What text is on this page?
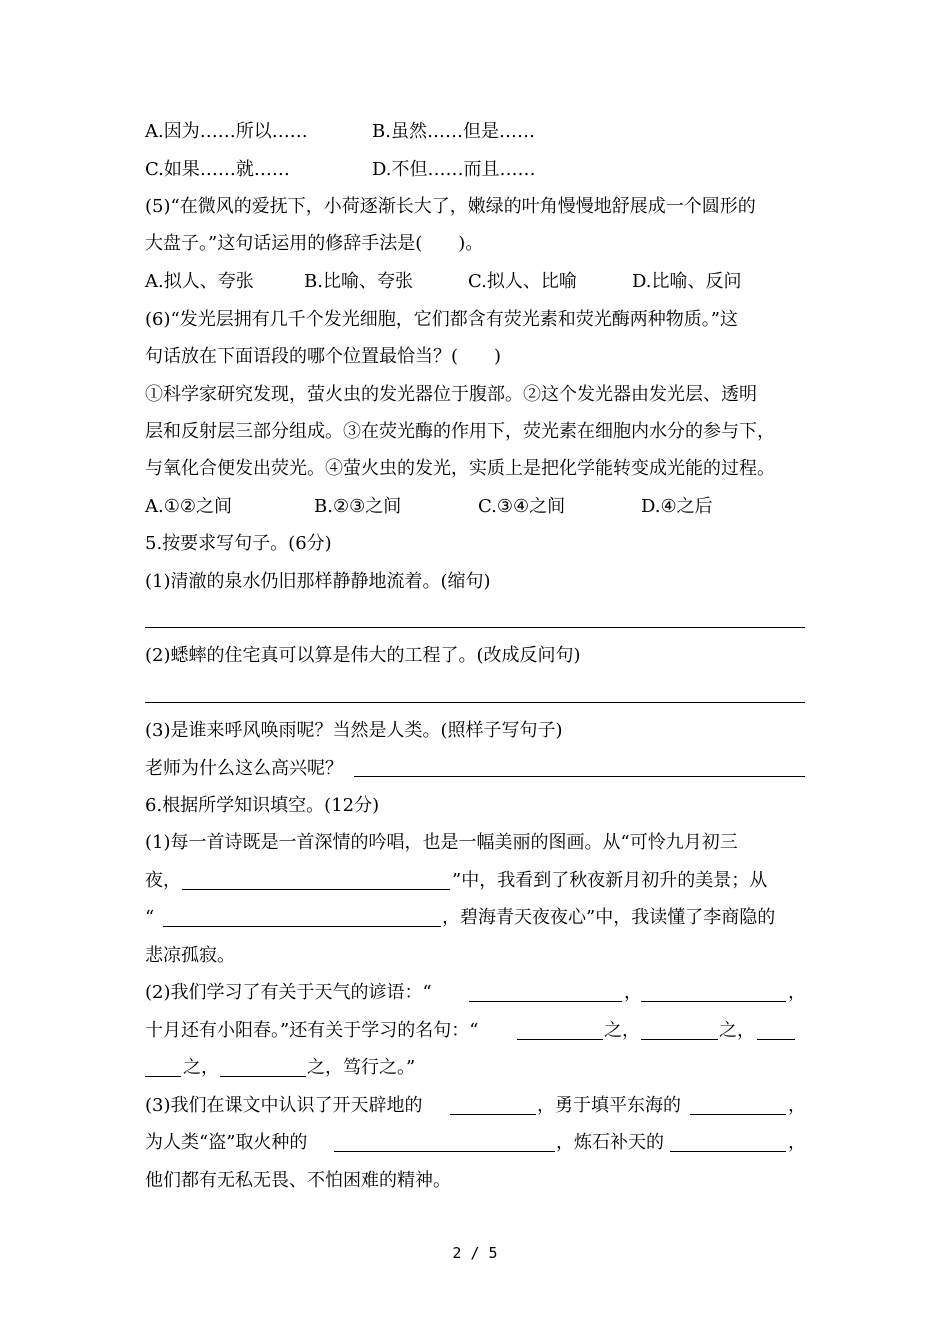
A.因为……所以……	B.虽然……但是……
C.如果……就……	D.不但……而且……
(5)“在微风的爱抚下，小荷逐渐长大了，嫩绿的叶角慢慢地舒展成一个圆形的
大盘子。”这句话运用的修辞手法是(　　)。
A.拟人、夸张	B.比喻、夸张	C.拟人、比喻	D.比喻、反问
(6)“发光层拥有几千个发光细胞，它们都含有荧光素和荧光酶两种物质。”这
句话放在下面语段的哪个位置最恰当？(　　)
①科学家研究发现，萤火虫的发光器位于腹部。②这个发光器由发光层、透明
层和反射层三部分组成。③在荧光酶的作用下，荧光素在细胞内水分的参与下，
与氧化合便发出荧光。④萤火虫的发光，实质上是把化学能转变成光能的过程。
A.①②之间	B.②③之间	C.③④之间	D.④之后
5.按要求写句子。(6分)
(1)清澈的泉水仍旧那样静静地流着。(缩句)
(2)蟋蟀的住宅真可以算是伟大的工程了。(改成反问句)
(3)是谁来呼风唤雨呢？当然是人类。(照样子写句子)
老师为什么这么高兴呢？
6.根据所学知识填空。(12分)
(1)每一首诗既是一首深情的吟唱，也是一幅美丽的图画。从“可怜九月初三
夜，	”中，我看到了秋夜新月初升的美景；从
“	，碧海青天夜夜心”中，我读懂了李商隐的
悲凉孤寂。
(2)我们学习了有关于天气的谚语：“	，	，
十月还有小阳春。”还有关于学习的名句：“	之，	之，
之，	之，笃行之。”
(3)我们在课文中认识了开天辟地的	，勇于填平东海的	，
为人类“盗”取火种的	，炼石补天的	，
他们都有无私无畏、不怕困难的精神。
2 / 5
